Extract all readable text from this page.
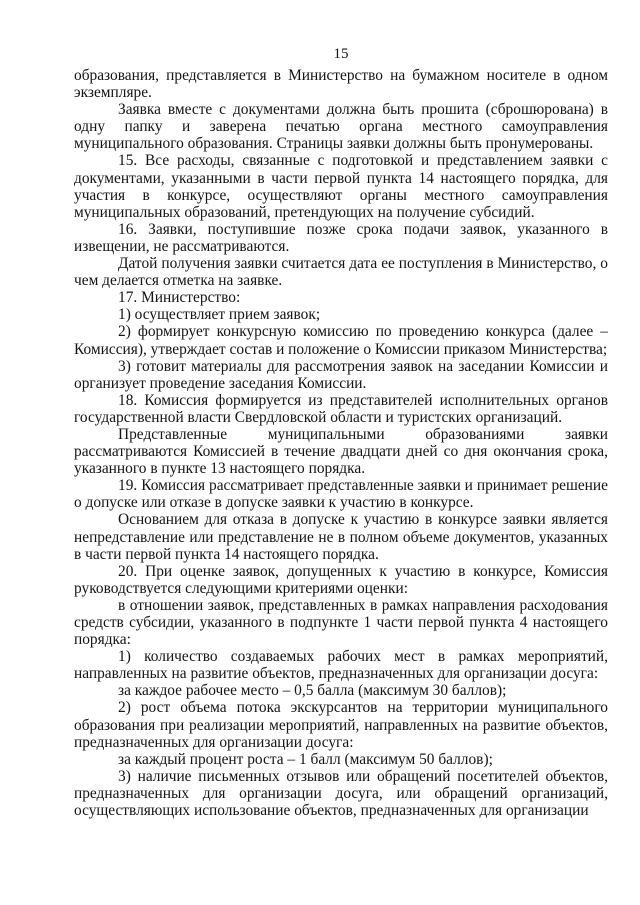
15

образования, представляется в Министерство на бумажном носителе в одном экземпляре.

Заявка вместе с документами должна быть прошита (сброшюрована) в одну папку и заверена печатью органа местного самоуправления муниципального образования. Страницы заявки должны быть пронумерованы.

15. Все расходы, связанные с подготовкой и представлением заявки с документами, указанными в части первой пункта 14 настоящего порядка, для участия в конкурсе, осуществляют органы местного самоуправления муниципальных образований, претендующих на получение субсидий.

16. Заявки, поступившие позже срока подачи заявок, указанного в извещении, не рассматриваются.

Датой получения заявки считается дата ее поступления в Министерство, о чем делается отметка на заявке.

17. Министерство:

1) осуществляет прием заявок;

2) формирует конкурсную комиссию по проведению конкурса (далее – Комиссия), утверждает состав и положение о Комиссии приказом Министерства;

3) готовит материалы для рассмотрения заявок на заседании Комиссии и организует проведение заседания Комиссии.

18. Комиссия формируется из представителей исполнительных органов государственной власти Свердловской области и туристских организаций.

Представленные муниципальными образованиями заявки рассматриваются Комиссией в течение двадцати дней со дня окончания срока, указанного в пункте 13 настоящего порядка.

19. Комиссия рассматривает представленные заявки и принимает решение о допуске или отказе в допуске заявки к участию в конкурсе.

Основанием для отказа в допуске к участию в конкурсе заявки является непредставление или представление не в полном объеме документов, указанных в части первой пункта 14 настоящего порядка.

20. При оценке заявок, допущенных к участию в конкурсе, Комиссия руководствуется следующими критериями оценки:

в отношении заявок, представленных в рамках направления расходования средств субсидии, указанного в подпункте 1 части первой пункта 4 настоящего порядка:

1) количество создаваемых рабочих мест в рамках мероприятий, направленных на развитие объектов, предназначенных для организации досуга:

за каждое рабочее место – 0,5 балла (максимум 30 баллов);

2) рост объема потока экскурсантов на территории муниципального образования при реализации мероприятий, направленных на развитие объектов, предназначенных для организации досуга:

за каждый процент роста – 1 балл (максимум 50 баллов);

3) наличие письменных отзывов или обращений посетителей объектов, предназначенных для организации досуга, или обращений организаций, осуществляющих использование объектов, предназначенных для организации
